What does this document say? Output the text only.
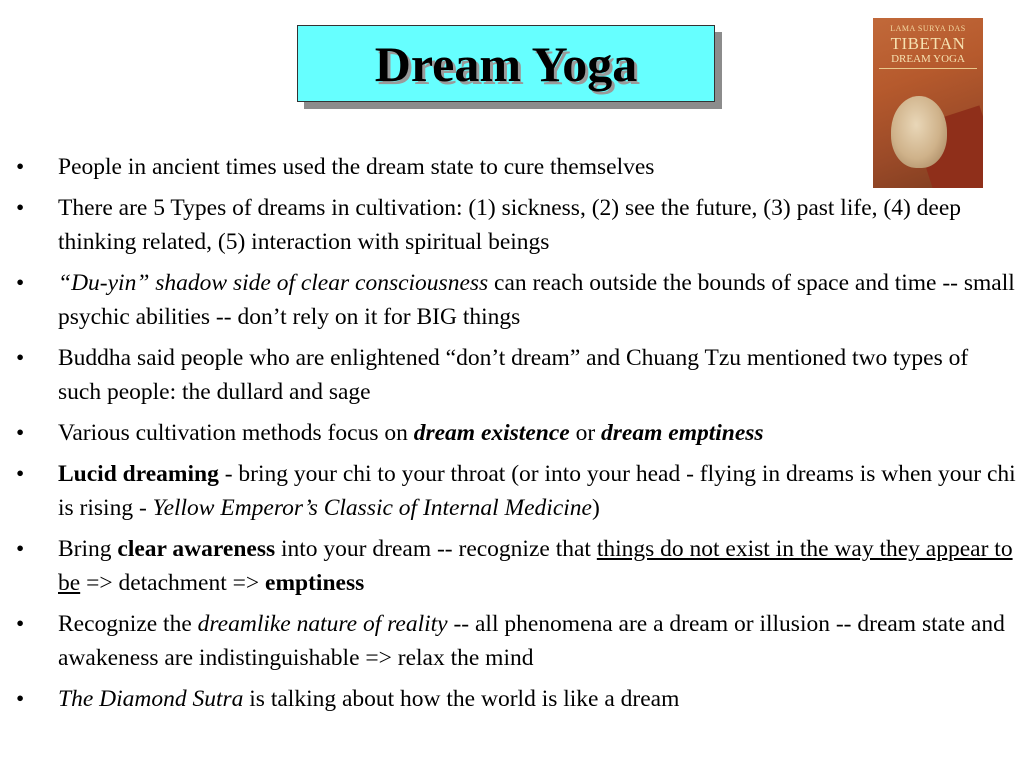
Dream Yoga
LAMA SURYA DAS
TIBETAN
DREAM YOGA
• People in ancient times used the dream state to cure themselves
• There are 5 Types of dreams in cultivation: (1) sickness, (2) see the future, (3) past life, (4) deep thinking related, (5) interaction with spiritual beings
• “Du-yin” shadow side of clear consciousness can reach outside the bounds of space and time -- small psychic abilities -- don’t rely on it for BIG things
• Buddha said people who are enlightened “don’t dream” and Chuang Tzu mentioned two types of such people: the dullard and sage
• Various cultivation methods focus on dream existence or dream emptiness
• Lucid dreaming - bring your chi to your throat (or into your head - flying in dreams is when your chi is rising - Yellow Emperor’s Classic of Internal Medicine)
• Bring clear awareness into your dream -- recognize that things do not exist in the way they appear to be => detachment => emptiness
• Recognize the dreamlike nature of reality -- all phenomena are a dream or illusion -- dream state and awakeness are indistinguishable => relax the mind
• The Diamond Sutra is talking about how the world is like a dream
